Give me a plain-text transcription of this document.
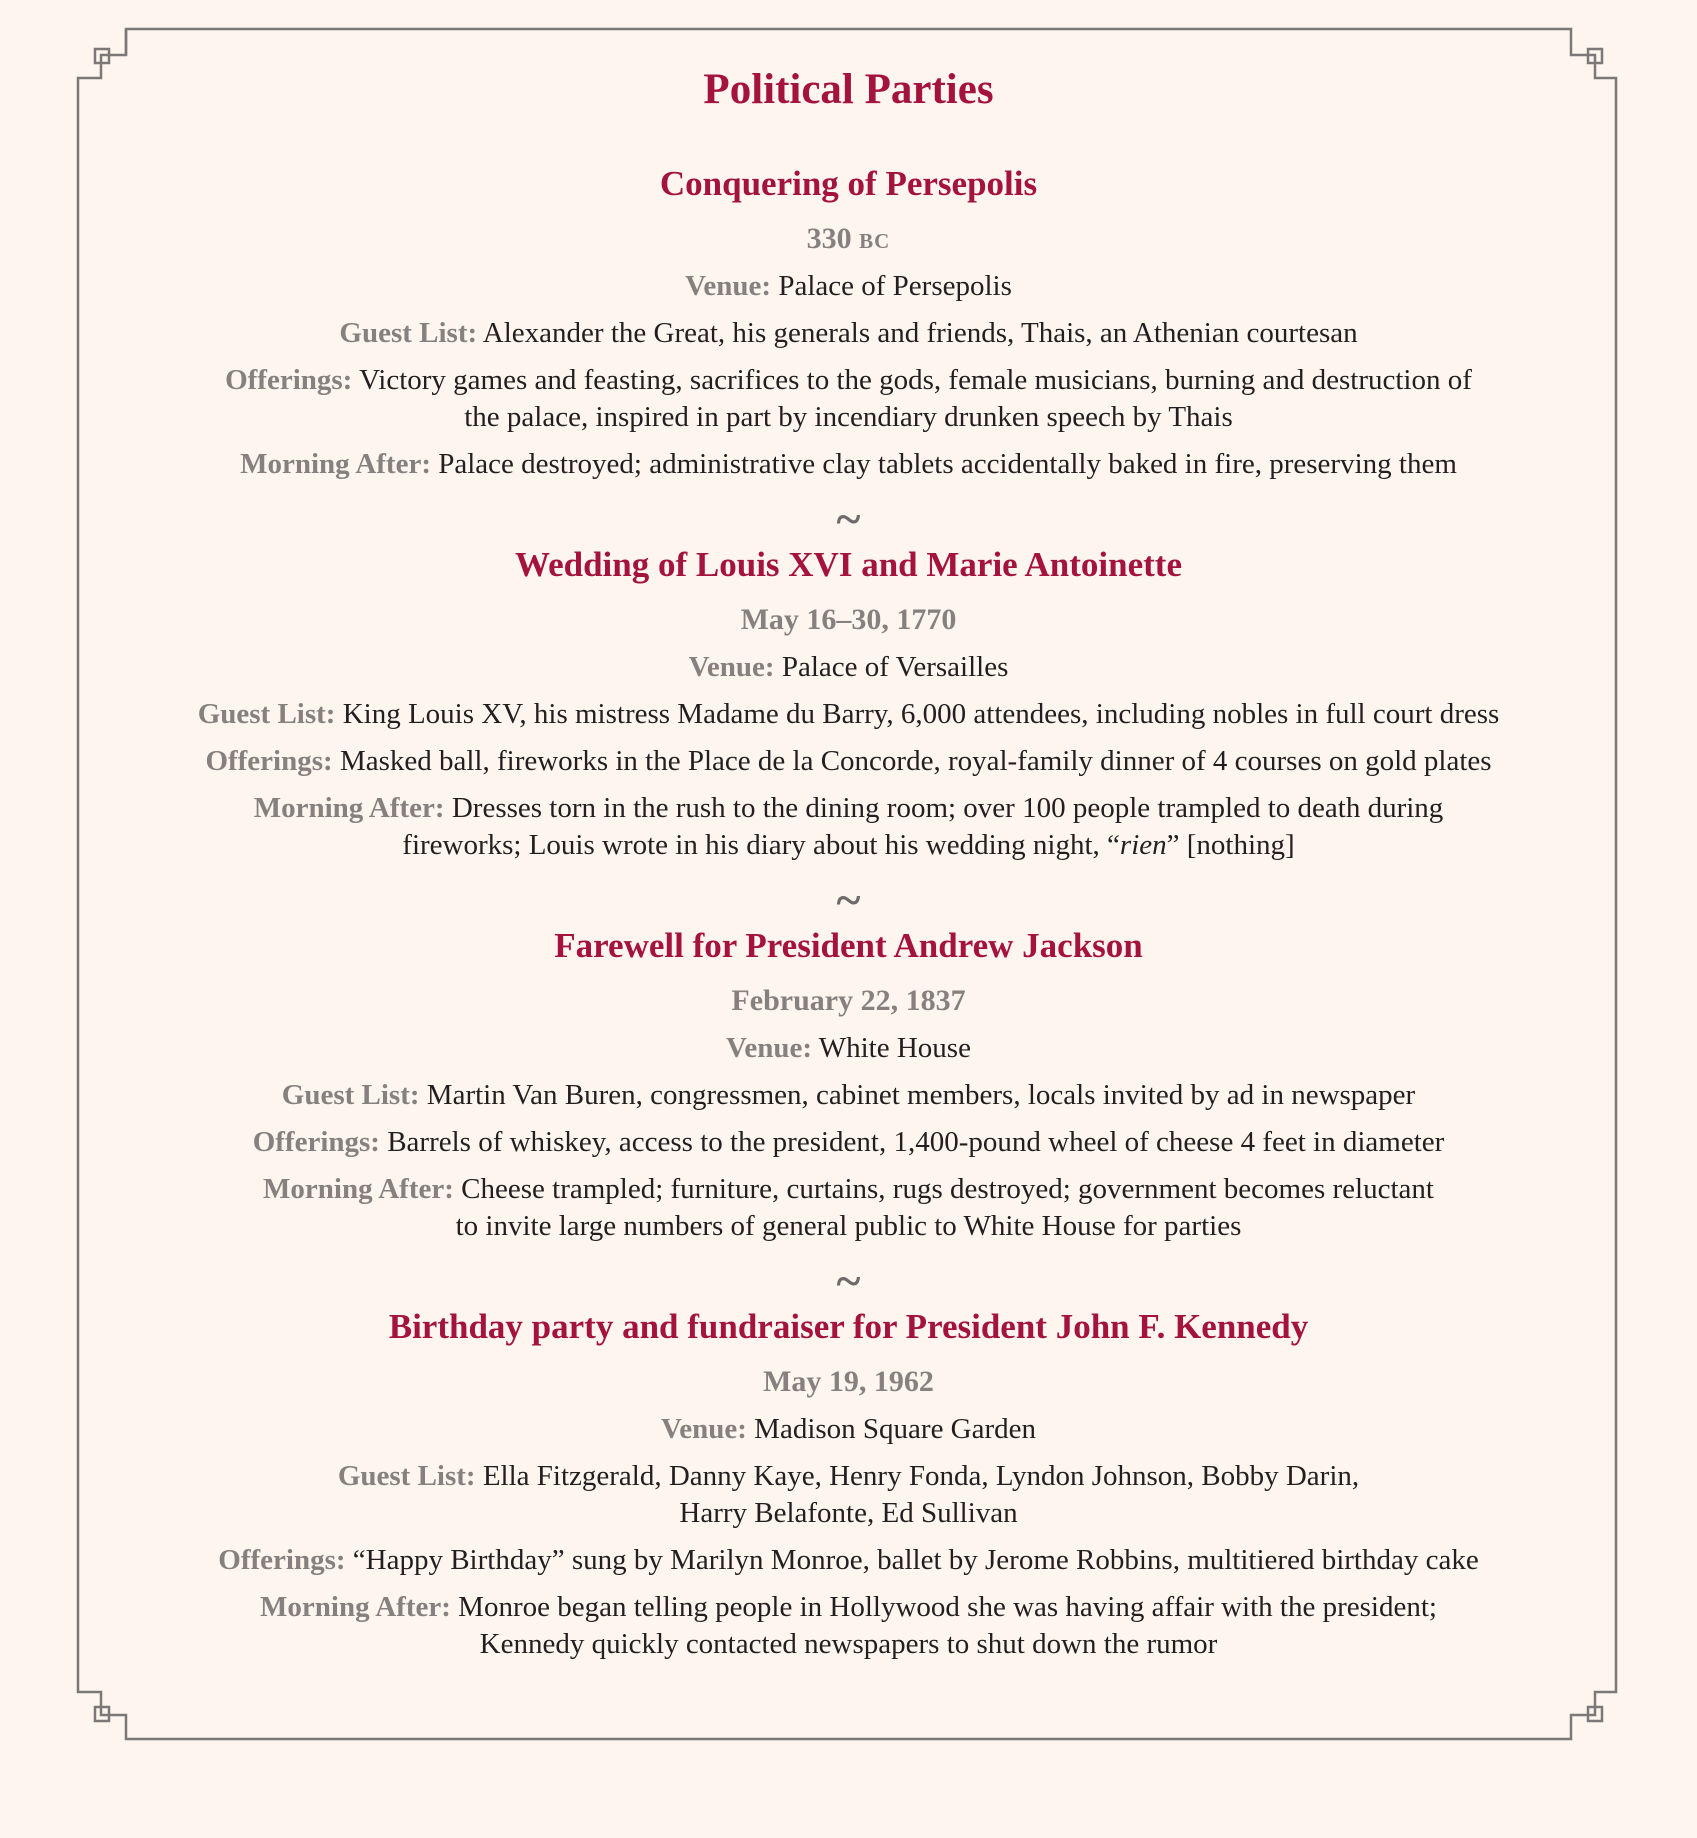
Political Parties
Conquering of Persepolis
330 bc
Venue: Palace of Persepolis
Guest List: Alexander the Great, his generals and friends, Thais, an Athenian courtesan
Offerings: Victory games and feasting, sacrifices to the gods, female musicians, burning and destruction of
the palace, inspired in part by incendiary drunken speech by Thais
Morning After: Palace destroyed; administrative clay tablets accidentally baked in fire, preserving them
~
Wedding of Louis XVI and Marie Antoinette
May 16–30, 1770
Venue: Palace of Versailles
Guest List: King Louis XV, his mistress Madame du Barry, 6,000 attendees, including nobles in full court dress
Offerings: Masked ball, fireworks in the Place de la Concorde, royal-family dinner of 4 courses on gold plates
Morning After: Dresses torn in the rush to the dining room; over 100 people trampled to death during
fireworks; Louis wrote in his diary about his wedding night, “rien” [nothing]
~
Farewell for President Andrew Jackson
February 22, 1837
Venue: White House
Guest List: Martin Van Buren, congressmen, cabinet members, locals invited by ad in newspaper
Offerings: Barrels of whiskey, access to the president, 1,400-pound wheel of cheese 4 feet in diameter
Morning After: Cheese trampled; furniture, curtains, rugs destroyed; government becomes reluctant
to invite large numbers of general public to White House for parties
~
Birthday party and fundraiser for President John F. Kennedy
May 19, 1962
Venue: Madison Square Garden
Guest List: Ella Fitzgerald, Danny Kaye, Henry Fonda, Lyndon Johnson, Bobby Darin,
Harry Belafonte, Ed Sullivan
Offerings: “Happy Birthday” sung by Marilyn Monroe, ballet by Jerome Robbins, multitiered birthday cake
Morning After: Monroe began telling people in Hollywood she was having affair with the president;
Kennedy quickly contacted newspapers to shut down the rumor
